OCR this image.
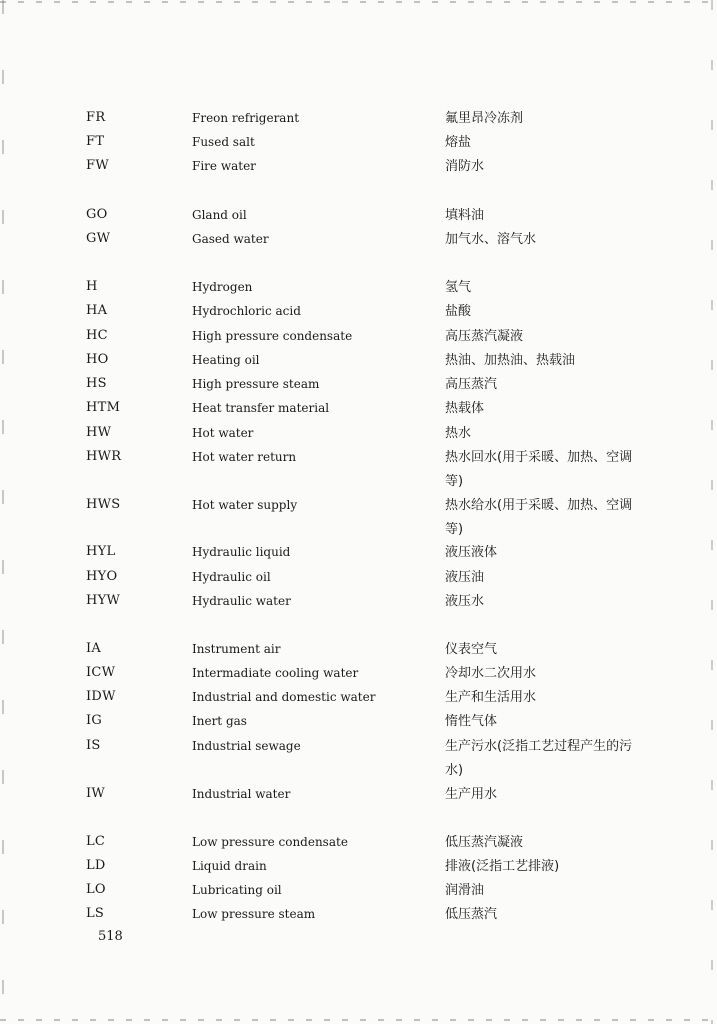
FR	Freon refrigerant	氟里昂冷冻剂
FT	Fused salt	熔盐
FW	Fire water	消防水
GO	Gland oil	填料油
GW	Gased water	加气水、溶气水
H	Hydrogen	氢气
HA	Hydrochloric acid	盐酸
HC	High pressure condensate	高压蒸汽凝液
HO	Heating oil	热油、加热油、热载油
HS	High pressure steam	高压蒸汽
HTM	Heat transfer material	热载体
HW	Hot water	热水
HWR	Hot water return	热水回水(用于采暖、加热、空调等)
HWS	Hot water supply	热水给水(用于采暖、加热、空调等)
HYL	Hydraulic liquid	液压液体
HYO	Hydraulic oil	液压油
HYW	Hydraulic water	液压水
IA	Instrument air	仪表空气
ICW	Intermadiate cooling water	冷却水二次用水
IDW	Industrial and domestic water	生产和生活用水
IG	Inert gas	惰性气体
IS	Industrial sewage	生产污水(泛指工艺过程产生的污水)
IW	Industrial water	生产用水
LC	Low pressure condensate	低压蒸汽凝液
LD	Liquid drain	排液(泛指工艺排液)
LO	Lubricating oil	润滑油
LS	Low pressure steam	低压蒸汽
518
